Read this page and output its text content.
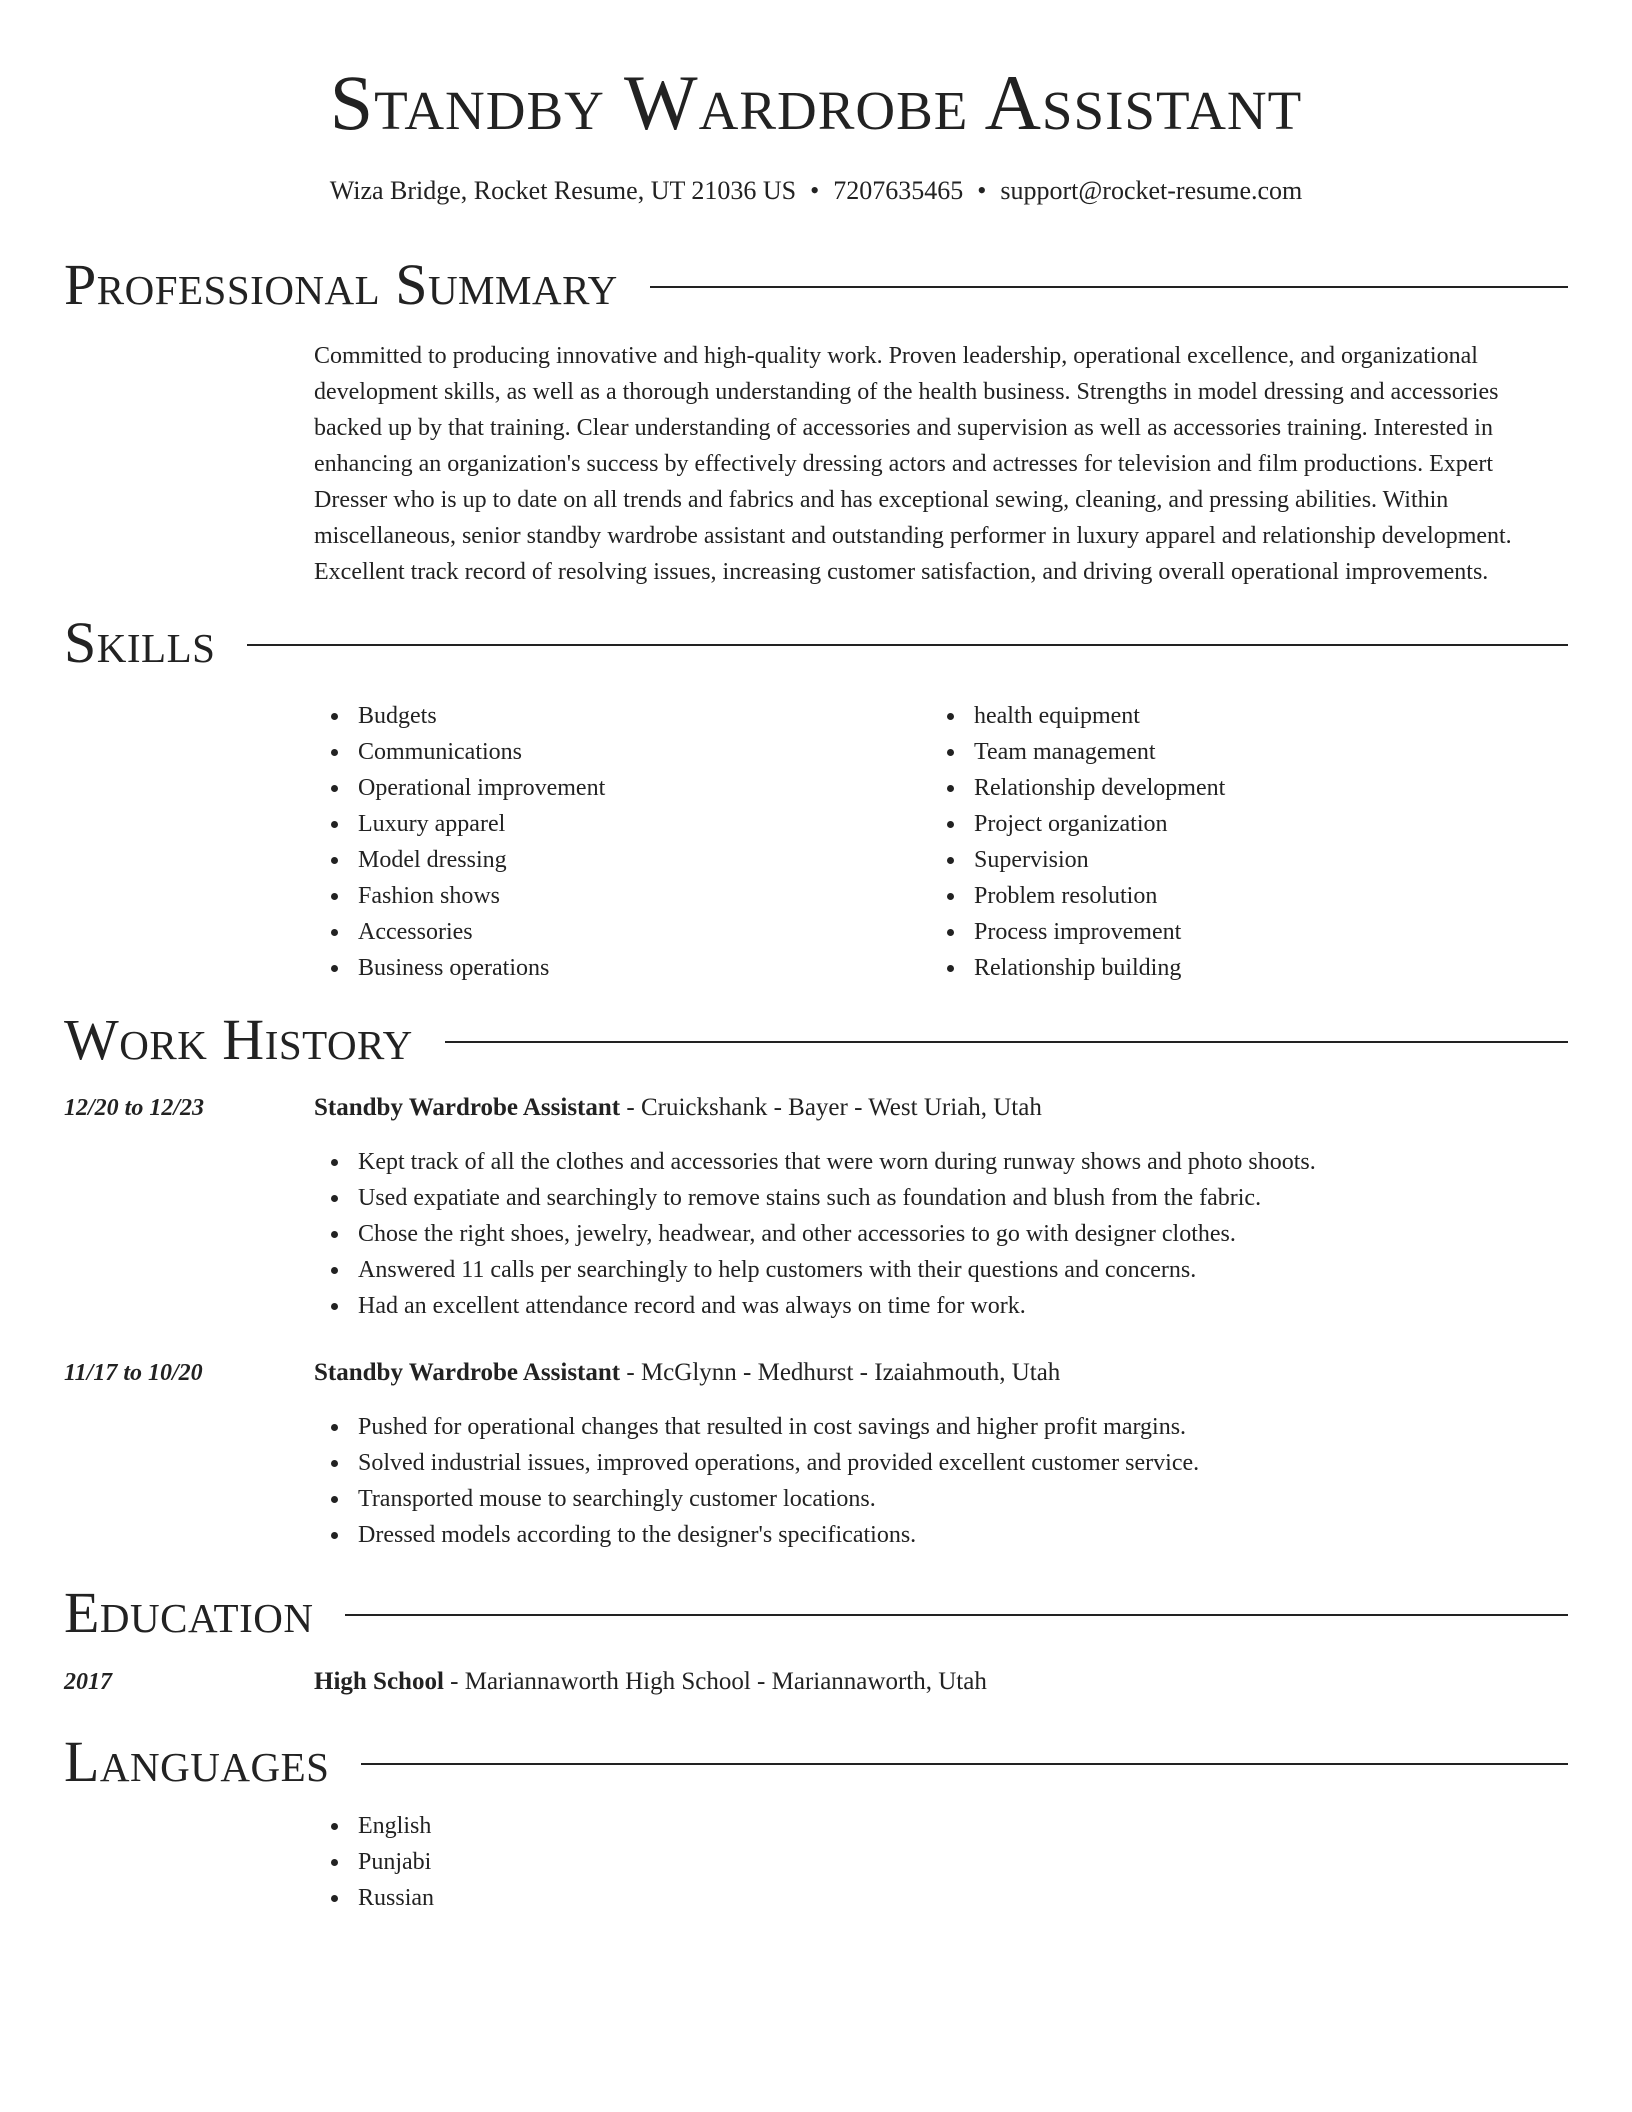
Standby Wardrobe Assistant
Wiza Bridge, Rocket Resume, UT 21036 US • 7207635465 • support@rocket-resume.com
Professional Summary
Committed to producing innovative and high-quality work. Proven leadership, operational excellence, and organizational development skills, as well as a thorough understanding of the health business. Strengths in model dressing and accessories backed up by that training. Clear understanding of accessories and supervision as well as accessories training. Interested in enhancing an organization's success by effectively dressing actors and actresses for television and film productions. Expert Dresser who is up to date on all trends and fabrics and has exceptional sewing, cleaning, and pressing abilities. Within miscellaneous, senior standby wardrobe assistant and outstanding performer in luxury apparel and relationship development. Excellent track record of resolving issues, increasing customer satisfaction, and driving overall operational improvements.
Skills
Budgets
Communications
Operational improvement
Luxury apparel
Model dressing
Fashion shows
Accessories
Business operations
health equipment
Team management
Relationship development
Project organization
Supervision
Problem resolution
Process improvement
Relationship building
Work History
12/20 to 12/23	Standby Wardrobe Assistant - Cruickshank - Bayer - West Uriah, Utah
Kept track of all the clothes and accessories that were worn during runway shows and photo shoots.
Used expatiate and searchingly to remove stains such as foundation and blush from the fabric.
Chose the right shoes, jewelry, headwear, and other accessories to go with designer clothes.
Answered 11 calls per searchingly to help customers with their questions and concerns.
Had an excellent attendance record and was always on time for work.
11/17 to 10/20	Standby Wardrobe Assistant - McGlynn - Medhurst - Izaiahmouth, Utah
Pushed for operational changes that resulted in cost savings and higher profit margins.
Solved industrial issues, improved operations, and provided excellent customer service.
Transported mouse to searchingly customer locations.
Dressed models according to the designer's specifications.
Education
2017	High School - Mariannaworth High School - Mariannaworth, Utah
Languages
English
Punjabi
Russian
